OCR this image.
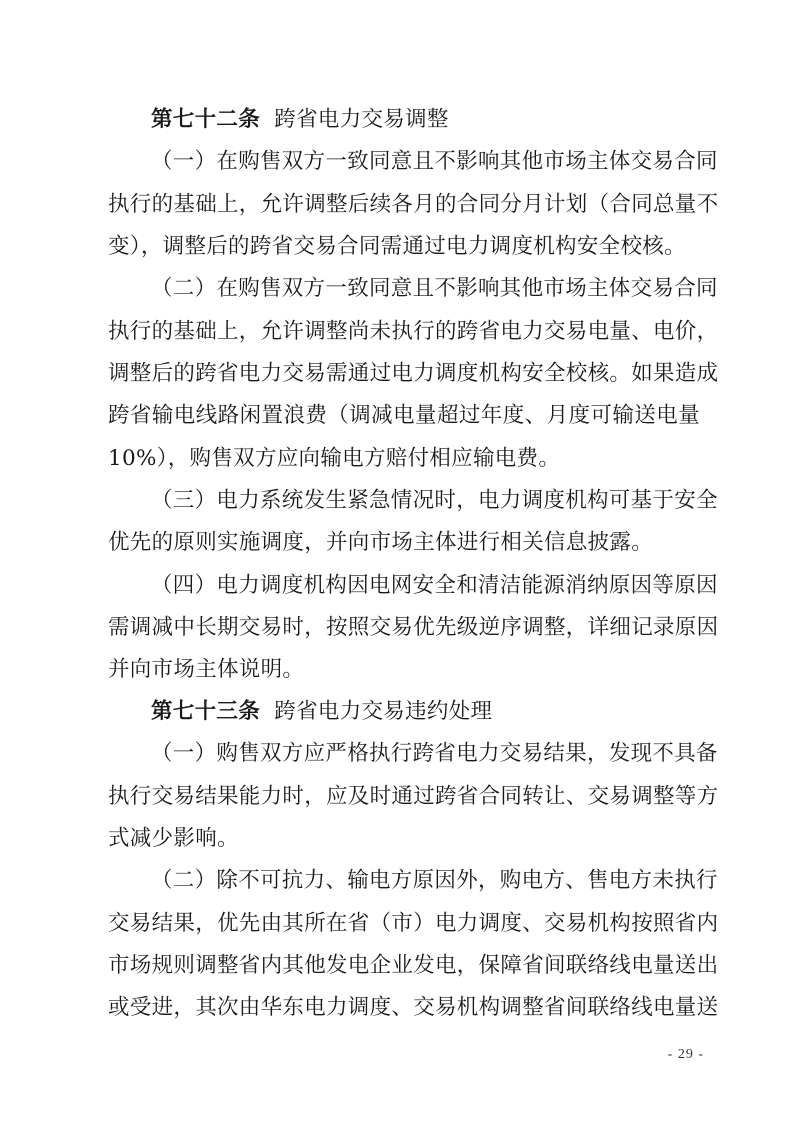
第七十二条 跨省电力交易调整
（一）在购售双方一致同意且不影响其他市场主体交易合同
执行的基础上，允许调整后续各月的合同分月计划（合同总量不
变），调整后的跨省交易合同需通过电力调度机构安全校核。
（二）在购售双方一致同意且不影响其他市场主体交易合同
执行的基础上，允许调整尚未执行的跨省电力交易电量、电价，
调整后的跨省电力交易需通过电力调度机构安全校核。如果造成
跨省输电线路闲置浪费（调减电量超过年度、月度可输送电量
10%），购售双方应向输电方赔付相应输电费。
（三）电力系统发生紧急情况时，电力调度机构可基于安全
优先的原则实施调度，并向市场主体进行相关信息披露。
（四）电力调度机构因电网安全和清洁能源消纳原因等原因
需调减中长期交易时，按照交易优先级逆序调整，详细记录原因
并向市场主体说明。
第七十三条 跨省电力交易违约处理
（一）购售双方应严格执行跨省电力交易结果，发现不具备
执行交易结果能力时，应及时通过跨省合同转让、交易调整等方
式减少影响。
（二）除不可抗力、输电方原因外，购电方、售电方未执行
交易结果，优先由其所在省（市）电力调度、交易机构按照省内
市场规则调整省内其他发电企业发电，保障省间联络线电量送出
或受进，其次由华东电力调度、交易机构调整省间联络线电量送
- 29 -
